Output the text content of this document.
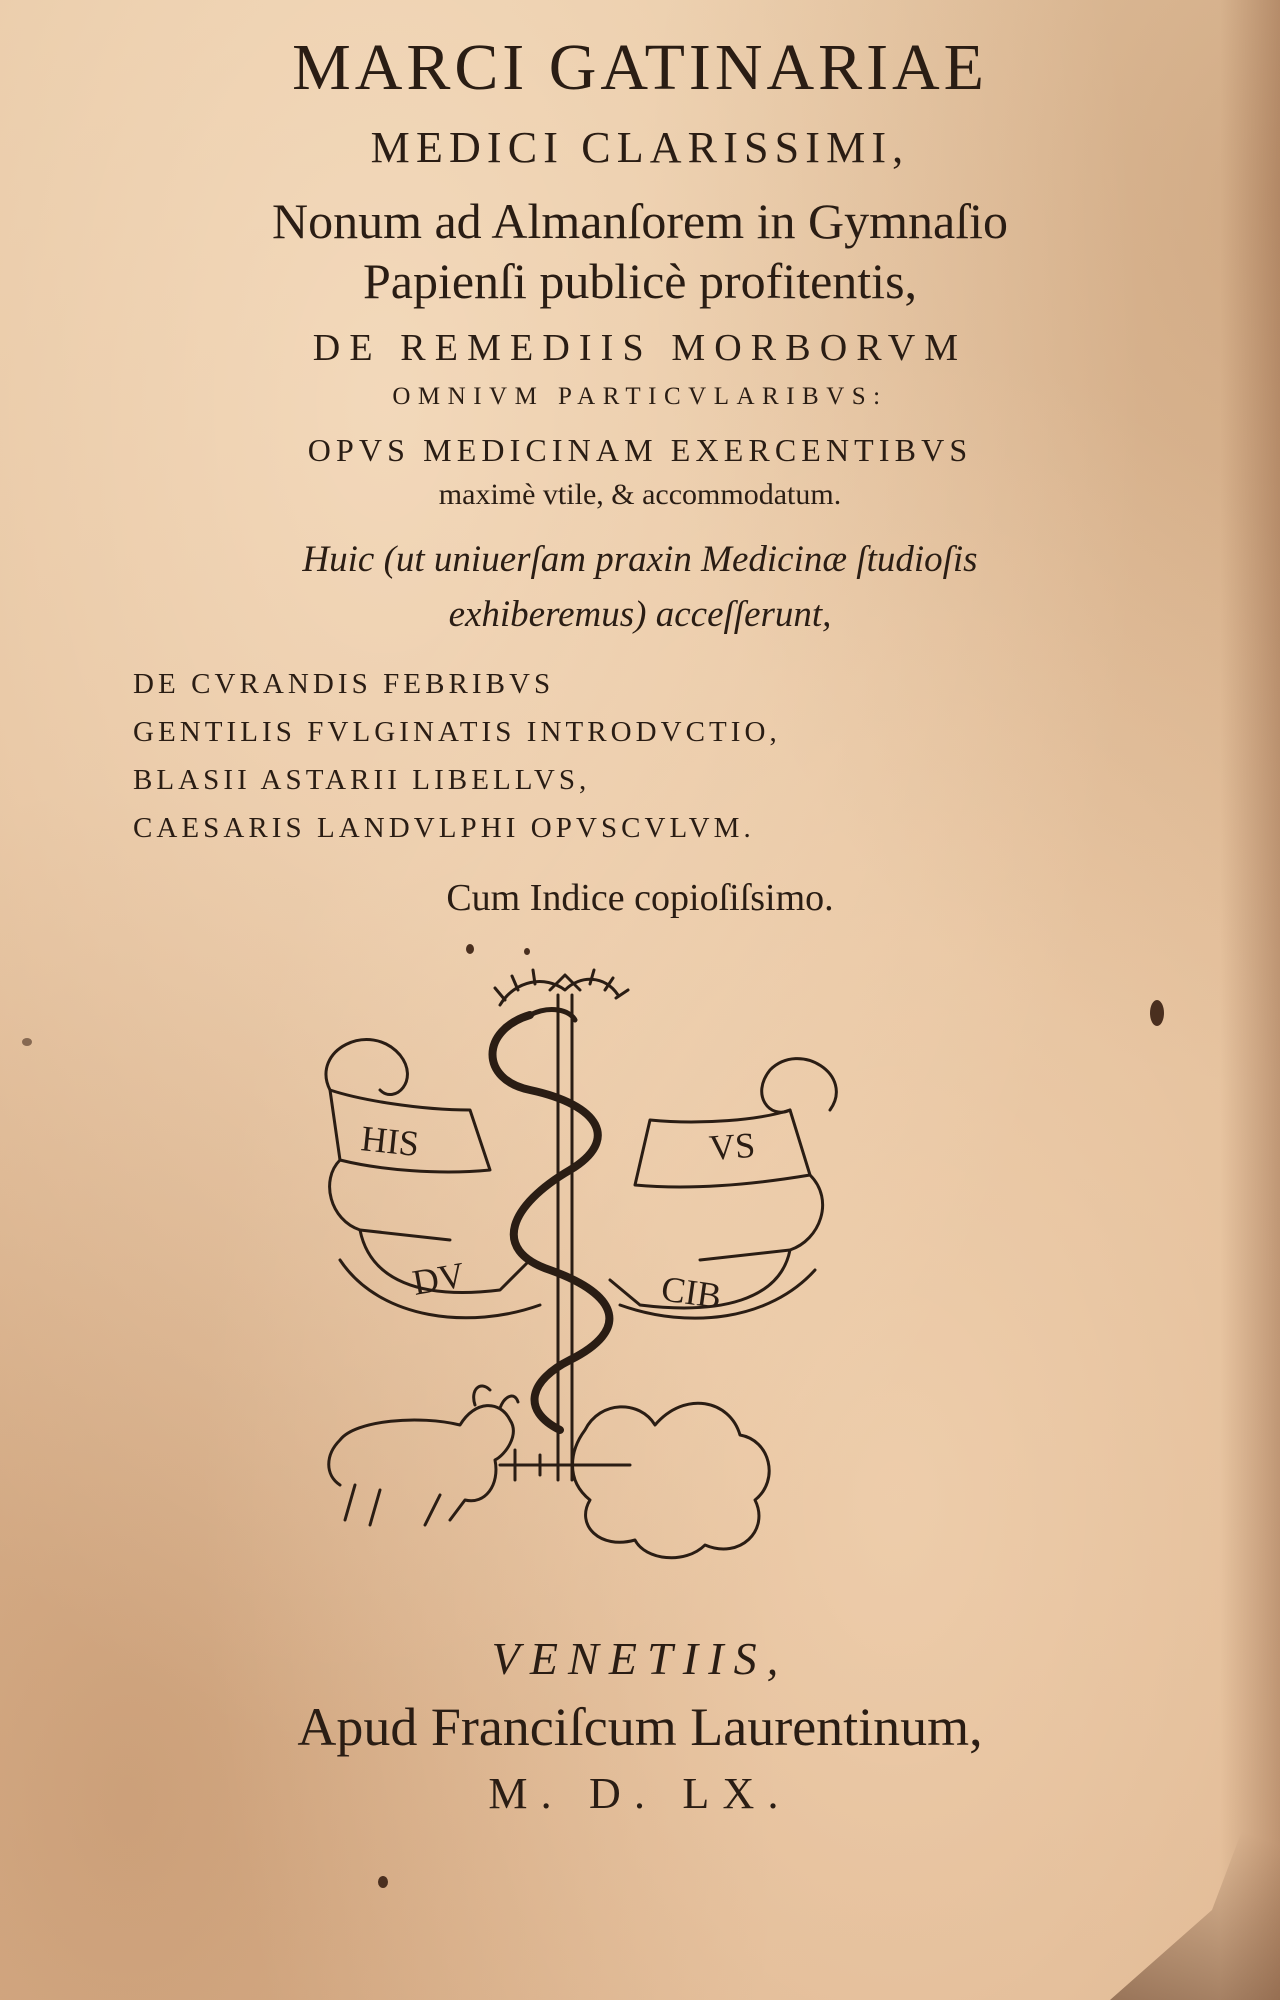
MARCI GATINARIAE
MEDICI CLARISSIMI,
Nonum ad Almanſorem in Gymnaſio
Papienſi publicè profitentis,
DE REMEDIIS MORBORVM
OMNIVM PARTICVLARIBVS:
OPVS MEDICINAM EXERCENTIBVS
maximè vtile, & accommodatum.
Huic (ut uniuerſam praxin Medicinæ ſtudioſis
exhiberemus) acceſſerunt,
DE CVRANDIS FEBRIBVS
GENTILIS FVLGINATIS INTRODVCTIO,
BLASII ASTARII LIBELLVS,
CAESARIS LANDVLPHI OPVSCVLVM.
Cum Indice copioſiſsimo.
HIS	VS
DV	CIB
VENETIIS,
Apud Franciſcum Laurentinum,
M. D. LX.
